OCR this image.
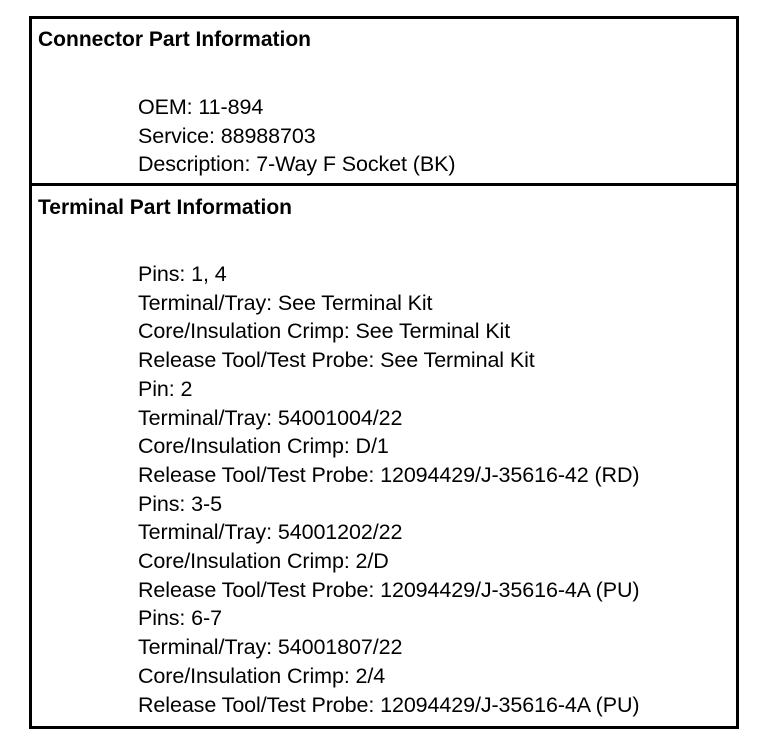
Connector Part Information
OEM: 11-894
Service: 88988703
Description: 7-Way F Socket (BK)
Terminal Part Information
Pins: 1, 4
Terminal/Tray: See Terminal Kit
Core/Insulation Crimp: See Terminal Kit
Release Tool/Test Probe: See Terminal Kit
Pin: 2
Terminal/Tray: 54001004/22
Core/Insulation Crimp: D/1
Release Tool/Test Probe: 12094429/J-35616-42 (RD)
Pins: 3-5
Terminal/Tray: 54001202/22
Core/Insulation Crimp: 2/D
Release Tool/Test Probe: 12094429/J-35616-4A (PU)
Pins: 6-7
Terminal/Tray: 54001807/22
Core/Insulation Crimp: 2/4
Release Tool/Test Probe: 12094429/J-35616-4A (PU)
